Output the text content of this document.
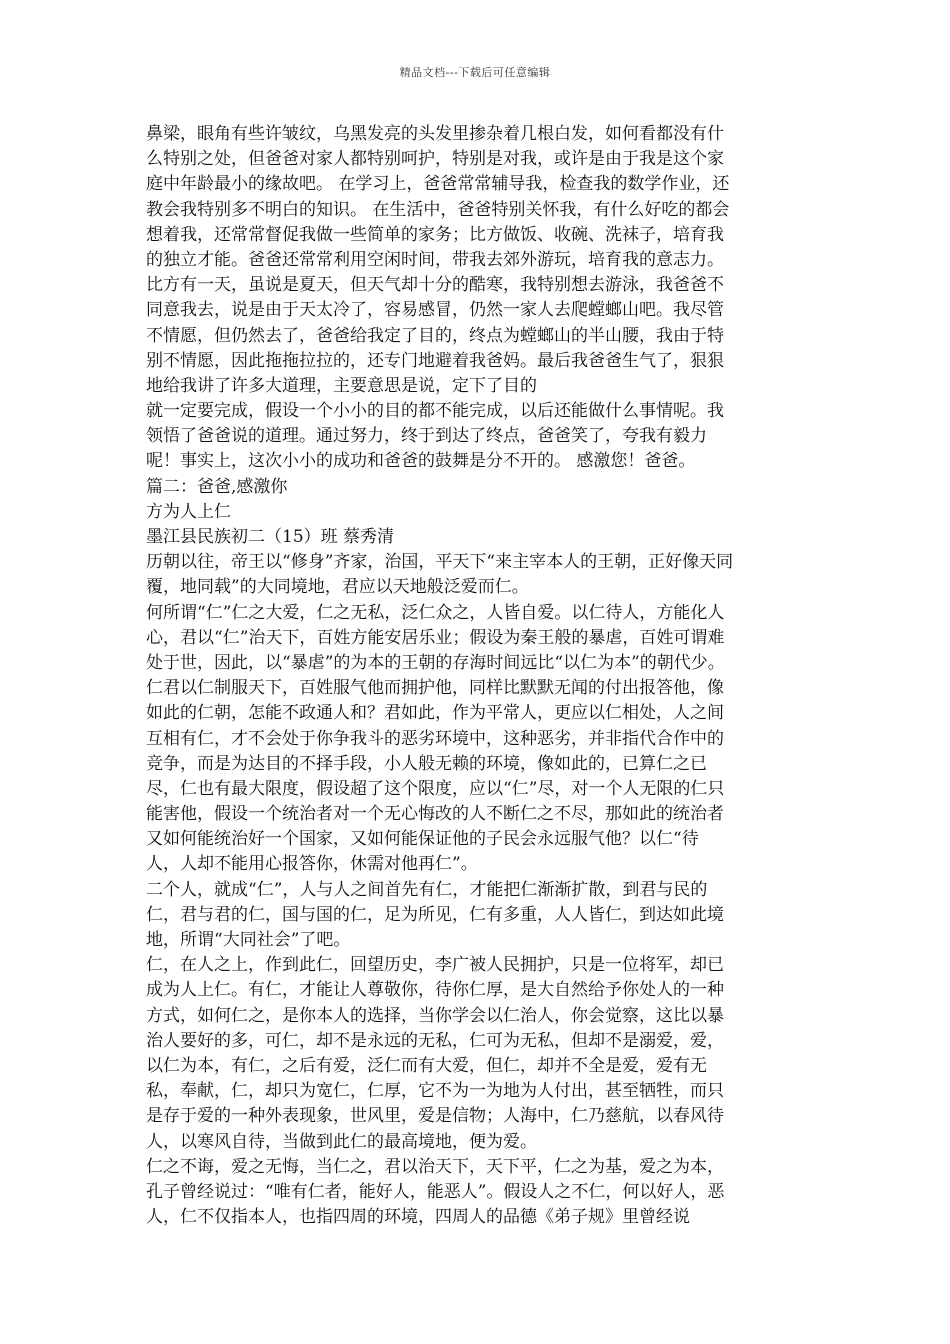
精品文档---下载后可任意编辑
鼻梁，眼角有些许皱纹，乌黑发亮的头发里掺杂着几根白发，如何看都没有什
么特别之处，但爸爸对家人都特别呵护，特别是对我，或许是由于我是这个家
庭中年龄最小的缘故吧。 在学习上，爸爸常常辅导我，检查我的数学作业，还
教会我特别多不明白的知识。 在生活中，爸爸特别关怀我，有什么好吃的都会
想着我，还常常督促我做一些简单的家务；比方做饭、收碗、洗袜子，培育我
的独立才能。爸爸还常常利用空闲时间，带我去郊外游玩，培育我的意志力。
比方有一天，虽说是夏天，但天气却十分的酷寒，我特别想去游泳，我爸爸不
同意我去，说是由于天太冷了，容易感冒，仍然一家人去爬螳螂山吧。我尽管
不情愿，但仍然去了，爸爸给我定了目的，终点为螳螂山的半山腰，我由于特
别不情愿，因此拖拖拉拉的，还专门地避着我爸妈。最后我爸爸生气了，狠狠
地给我讲了许多大道理，主要意思是说，定下了目的
就一定要完成，假设一个小小的目的都不能完成，以后还能做什么事情呢。我
领悟了爸爸说的道理。通过努力，终于到达了终点，爸爸笑了，夸我有毅力
呢！事实上，这次小小的成功和爸爸的鼓舞是分不开的。 感激您！爸爸。
篇二：爸爸,感激你
方为人上仁
墨江县民族初二（15）班 蔡秀清
历朝以往，帝王以“修身”齐家，治国，平天下“来主宰本人的王朝，正好像天同
覆，地同载”的大同境地，君应以天地般泛爱而仁。
何所谓“仁”仁之大爱，仁之无私，泛仁众之，人皆自爱。以仁待人，方能化人
心，君以“仁”治天下，百姓方能安居乐业；假设为秦王般的暴虐，百姓可谓难
处于世，因此，以“暴虐”的为本的王朝的存海时间远比“以仁为本”的朝代少。
仁君以仁制服天下，百姓服气他而拥护他，同样比默默无闻的付出报答他，像
如此的仁朝，怎能不政通人和？君如此，作为平常人，更应以仁相处，人之间
互相有仁，才不会处于你争我斗的恶劣环境中，这种恶劣，并非指代合作中的
竞争，而是为达目的不择手段，小人般无赖的环境，像如此的，已算仁之已
尽，仁也有最大限度，假设超了这个限度，应以“仁”尽，对一个人无限的仁只
能害他，假设一个统治者对一个无心悔改的人不断仁之不尽，那如此的统治者
又如何能统治好一个国家，又如何能保证他的子民会永远服气他？以仁“待
人，人却不能用心报答你，休需对他再仁”。
二个人，就成“仁”，人与人之间首先有仁，才能把仁渐渐扩散，到君与民的
仁，君与君的仁，国与国的仁，足为所见，仁有多重，人人皆仁，到达如此境
地，所谓“大同社会”了吧。
仁，在人之上，作到此仁，回望历史，李广被人民拥护，只是一位将军，却已
成为人上仁。有仁，才能让人尊敬你，待你仁厚，是大自然给予你处人的一种
方式，如何仁之，是你本人的选择，当你学会以仁治人，你会觉察，这比以暴
治人要好的多，可仁，却不是永远的无私，仁可为无私，但却不是溺爱，爱，
以仁为本，有仁，之后有爱，泛仁而有大爱，但仁，却并不全是爱，爱有无
私，奉献，仁，却只为宽仁，仁厚，它不为一为地为人付出，甚至牺牲，而只
是存于爱的一种外表现象，世风里，爱是信物；人海中，仁乃慈航，以春风待
人，以寒风自待，当做到此仁的最高境地，便为爱。
仁之不诲，爱之无悔，当仁之，君以治天下，天下平，仁之为基，爱之为本，
孔子曾经说过：“唯有仁者，能好人，能恶人”。假设人之不仁，何以好人，恶
人，仁不仅指本人，也指四周的环境，四周人的品德《弟子规》里曾经说
